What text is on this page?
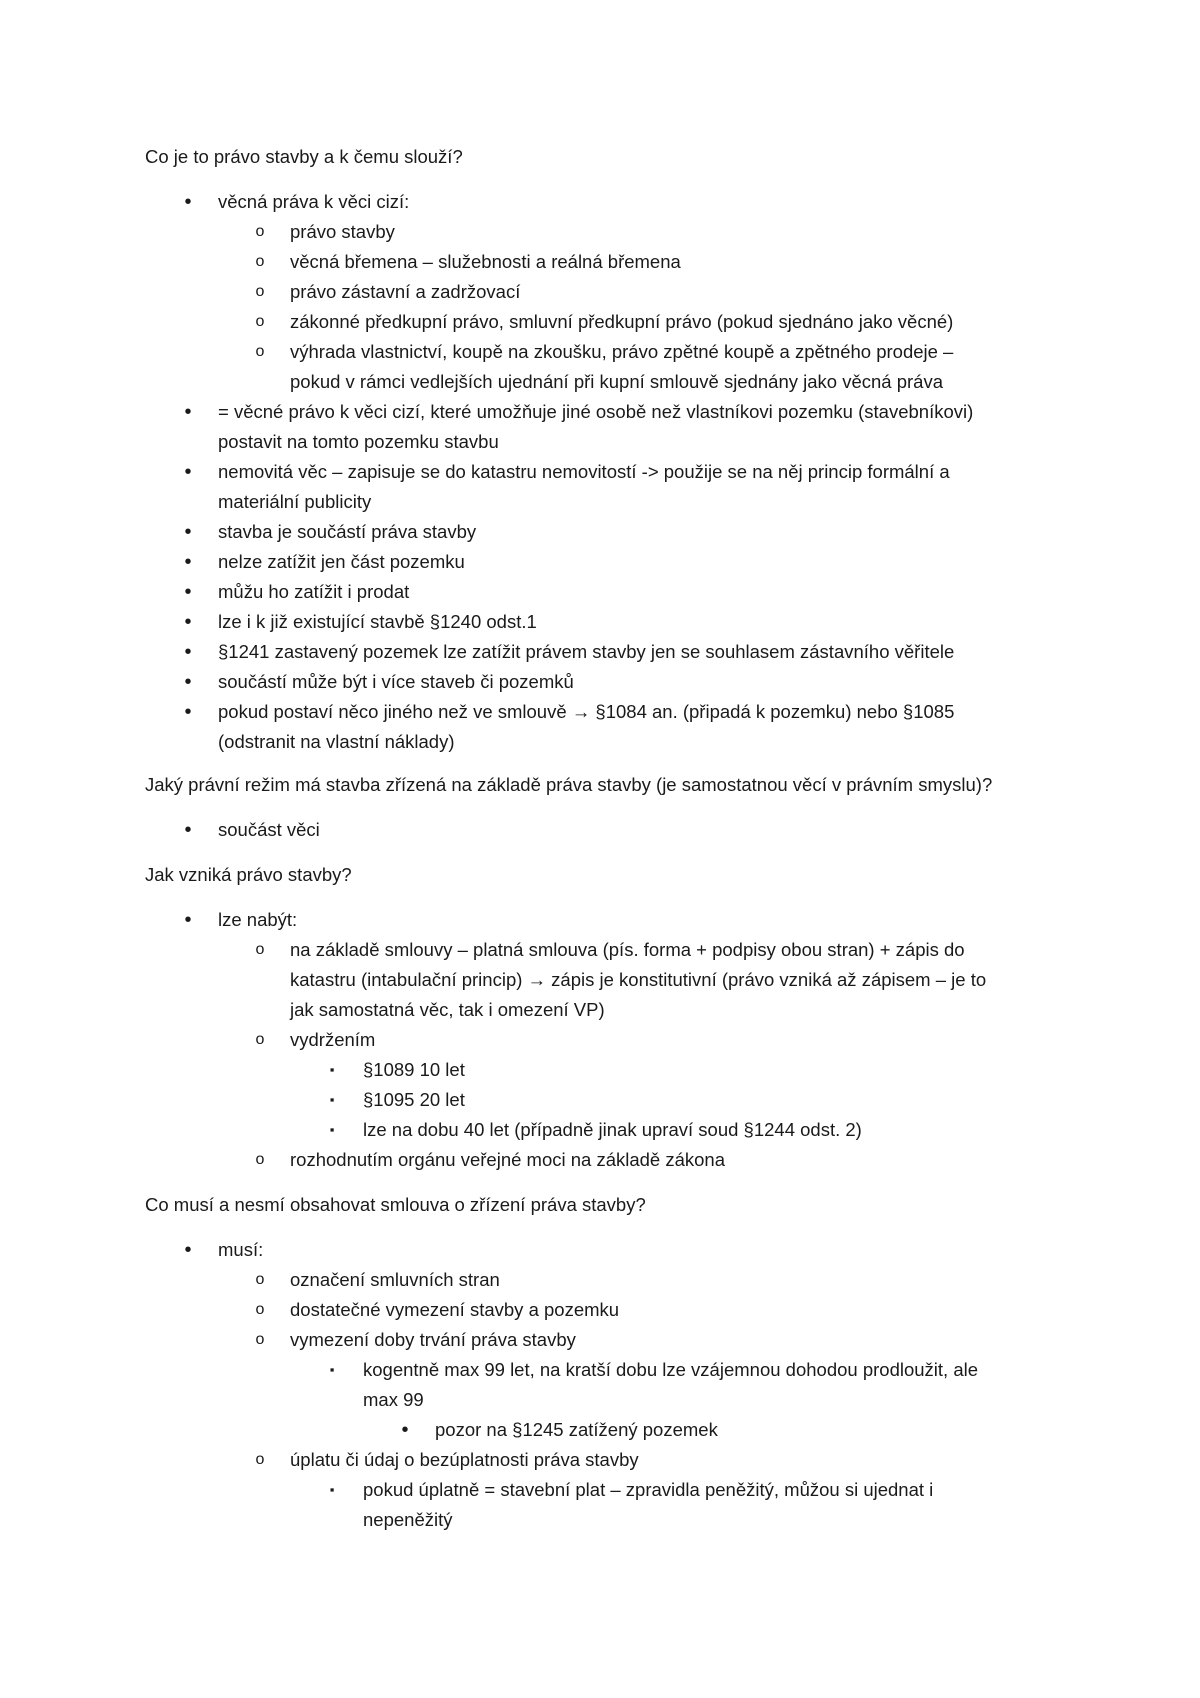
Co je to právo stavby a k čemu slouží?
•	věcná práva k věci cizí:
o právo stavby
o věcná břemena – služebnosti a reálná břemena
o právo zástavní a zadržovací
o zákonné předkupní právo, smluvní předkupní právo (pokud sjednáno jako věcné)
o výhrada vlastnictví, koupě na zkoušku, právo zpětné koupě a zpětného prodeje –
pokud v rámci vedlejších ujednání při kupní smlouvě sjednány jako věcná práva
•	= věcné právo k věci cizí, které umožňuje jiné osobě než vlastníkovi pozemku (stavebníkovi)
postavit na tomto pozemku stavbu
•	nemovitá věc – zapisuje se do katastru nemovitostí -> použije se na něj princip formální a
materiální publicity
•	stavba je součástí práva stavby
•	nelze zatížit jen část pozemku
•	můžu ho zatížit i prodat
•	lze i k již existující stavbě §1240 odst.1
•	§1241 zastavený pozemek lze zatížit právem stavby jen se souhlasem zástavního věřitele
•	součástí může být i více staveb či pozemků
•	pokud postaví něco jiného než ve smlouvě → §1084 an. (připadá k pozemku) nebo §1085
(odstranit na vlastní náklady)
Jaký právní režim má stavba zřízená na základě práva stavby (je samostatnou věcí v právním smyslu)?
•	součást věci
Jak vzniká právo stavby?
•	lze nabýt:
o na základě smlouvy – platná smlouva (pís. forma + podpisy obou stran) + zápis do
katastru (intabulační princip) → zápis je konstitutivní (právo vzniká až zápisem – je to
jak samostatná věc, tak i omezení VP)
o vydržením
▪	§1089 10 let
▪	§1095 20 let
▪	lze na dobu 40 let (případně jinak upraví soud §1244 odst. 2)
o rozhodnutím orgánu veřejné moci na základě zákona
Co musí a nesmí obsahovat smlouva o zřízení práva stavby?
•	musí:
o označení smluvních stran
o dostatečné vymezení stavby a pozemku
o vymezení doby trvání práva stavby
▪	kogentně max 99 let, na kratší dobu lze vzájemnou dohodou prodloužit, ale
max 99
•	pozor na §1245 zatížený pozemek
o úplatu či údaj o bezúplatnosti práva stavby
▪	pokud úplatně = stavební plat – zpravidla peněžitý, můžou si ujednat i
nepeněžitý
